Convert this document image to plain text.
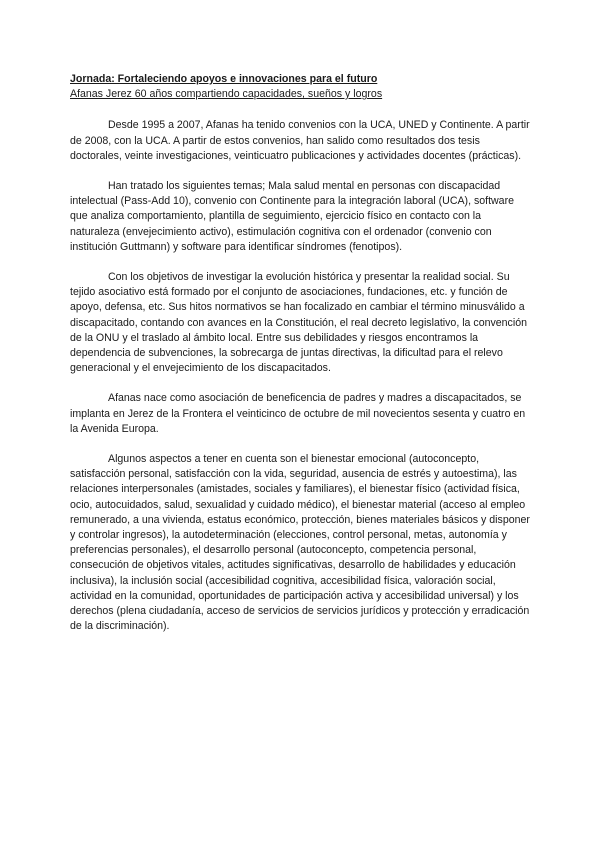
Jornada: Fortaleciendo apoyos e innovaciones para el futuro

Afanas Jerez 60 años compartiendo capacidades, sueños y logros

Desde 1995 a 2007, Afanas ha tenido convenios con la UCA, UNED y Continente. A partir de 2008, con la UCA. A partir de estos convenios, han salido como resultados dos tesis doctorales, veinte investigaciones, veinticuatro publicaciones y actividades docentes (prácticas).

Han tratado los siguientes temas; Mala salud mental en personas con discapacidad intelectual (Pass-Add 10), convenio con Continente para la integración laboral (UCA), software que analiza comportamiento, plantilla de seguimiento, ejercicio físico en contacto con la naturaleza (envejecimiento activo), estimulación cognitiva con el ordenador (convenio con institución Guttmann) y software para identificar síndromes (fenotipos).

Con los objetivos de investigar la evolución histórica y presentar la realidad social. Su tejido asociativo está formado por el conjunto de asociaciones, fundaciones, etc. y función de apoyo, defensa, etc. Sus hitos normativos se han focalizado en cambiar el término minusválido a discapacitado, contando con avances en la Constitución, el real decreto legislativo, la convención de la ONU y el traslado al ámbito local. Entre sus debilidades y riesgos encontramos la dependencia de subvenciones, la sobrecarga de juntas directivas, la dificultad para el relevo generacional y el envejecimiento de los discapacitados.

Afanas nace como asociación de beneficencia de padres y madres a discapacitados, se implanta en Jerez de la Frontera el veinticinco de octubre de mil novecientos sesenta y cuatro en la Avenida Europa.

Algunos aspectos a tener en cuenta son el bienestar emocional (autoconcepto, satisfacción personal, satisfacción con la vida, seguridad, ausencia de estrés y autoestima), las relaciones interpersonales (amistades, sociales y familiares), el bienestar físico (actividad física, ocio, autocuidados, salud, sexualidad y cuidado médico), el bienestar material (acceso al empleo remunerado, a una vivienda, estatus económico, protección, bienes materiales básicos y disponer y controlar ingresos), la autodeterminación (elecciones, control personal, metas, autonomía y preferencias personales), el desarrollo personal (autoconcepto, competencia personal, consecución de objetivos vitales, actitudes significativas, desarrollo de habilidades y educación inclusiva), la inclusión social (accesibilidad cognitiva, accesibilidad física, valoración social, actividad en la comunidad, oportunidades de participación activa y accesibilidad universal) y los derechos (plena ciudadanía, acceso de servicios de servicios jurídicos y protección y erradicación de la discriminación).
